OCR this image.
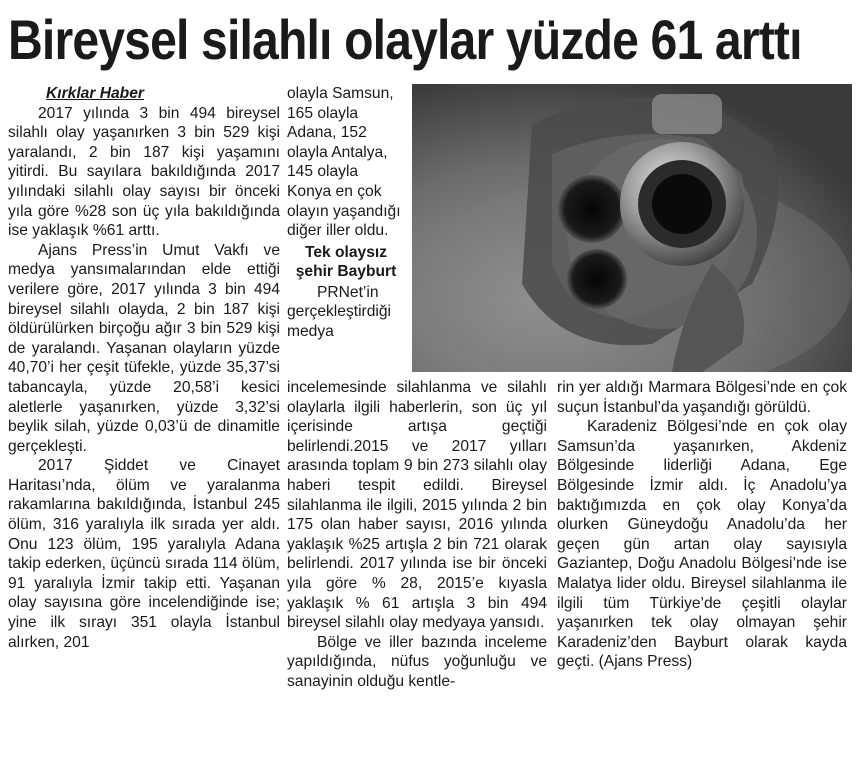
Bireysel silahlı olaylar yüzde 61 arttı
Kırklar Haber

2017 yılında 3 bin 494 bireysel silahlı olay yaşanırken 3 bin 529 kişi yaralandı, 2 bin 187 kişi yaşamını yitirdi. Bu sayılara bakıldığında 2017 yılındaki silahlı olay sayısı bir önceki yıla göre %28 son üç yıla bakıldığında ise yaklaşık %61 arttı.

Ajans Press’in Umut Vakfı ve medya yansımalarından elde ettiği verilere göre, 2017 yılında 3 bin 494 bireysel silahlı olayda, 2 bin 187 kişi öldürülürken birçoğu ağır 3 bin 529 kişi de yaralandı. Yaşanan olayların yüzde 40,70’i her çeşit tüfekle, yüzde 35,37’si tabancayla, yüzde 20,58’i kesici aletlerle yaşanırken, yüzde 3,32’si beylik silah, yüzde 0,03’ü de dinamitle gerçekleşti.

2017 Şiddet ve Cinayet Haritası’nda, ölüm ve yaralanma rakamlarına bakıldığında, İstanbul 245 ölüm, 316 yaralıyla ilk sırada yer aldı. Onu 123 ölüm, 195 yaralıyla Adana takip ederken, üçüncü sırada 114 ölüm, 91 yaralıyla İzmir takip etti. Yaşanan olay sayısına göre incelendiğinde ise; yine ilk sırayı 351 olayla İstanbul alırken, 201

olayla Samsun, 165 olayla Adana, 152 olayla Antalya, 145 olayla Konya en çok olayın yaşandığı diğer iller oldu.

Tek olaysız
şehir Bayburt

PRNet’in gerçekleştirdiği medya

incelemesinde silahlanma ve silahlı olaylarla ilgili haberlerin, son üç yıl içerisinde artışa geçtiği belirlendi.2015 ve 2017 yılları arasında toplam 9 bin 273 silahlı olay haberi tespit edildi. Bireysel silahlanma ile ilgili, 2015 yılında 2 bin 175 olan haber sayısı, 2016 yılında yaklaşık %25 artışla 2 bin 721 olarak belirlendi. 2017 yılında ise bir önceki yıla göre % 28, 2015’e kıyasla yaklaşık % 61 artışla 3 bin 494 bireysel silahlı olay medyaya yansıdı.

Bölge ve iller bazında inceleme yapıldığında, nüfus yoğunluğu ve sanayinin olduğu kentle-

rin yer aldığı Marmara Bölgesi’nde en çok suçun İstanbul’da yaşandığı görüldü.

Karadeniz Bölgesi’nde en çok olay Samsun’da yaşanırken, Akdeniz Bölgesinde liderliği Adana, Ege Bölgesinde İzmir aldı. İç Anadolu’ya baktığımızda en çok olay Konya’da olurken Güneydoğu Anadolu’da her geçen gün artan olay sayısıyla Gaziantep, Doğu Anadolu Bölgesi’nde ise Malatya lider oldu. Bireysel silahlanma ile ilgili tüm Türkiye’de çeşitli olaylar yaşanırken tek olay olmayan şehir Karadeniz’den Bayburt olarak kayda geçti. (Ajans Press)
